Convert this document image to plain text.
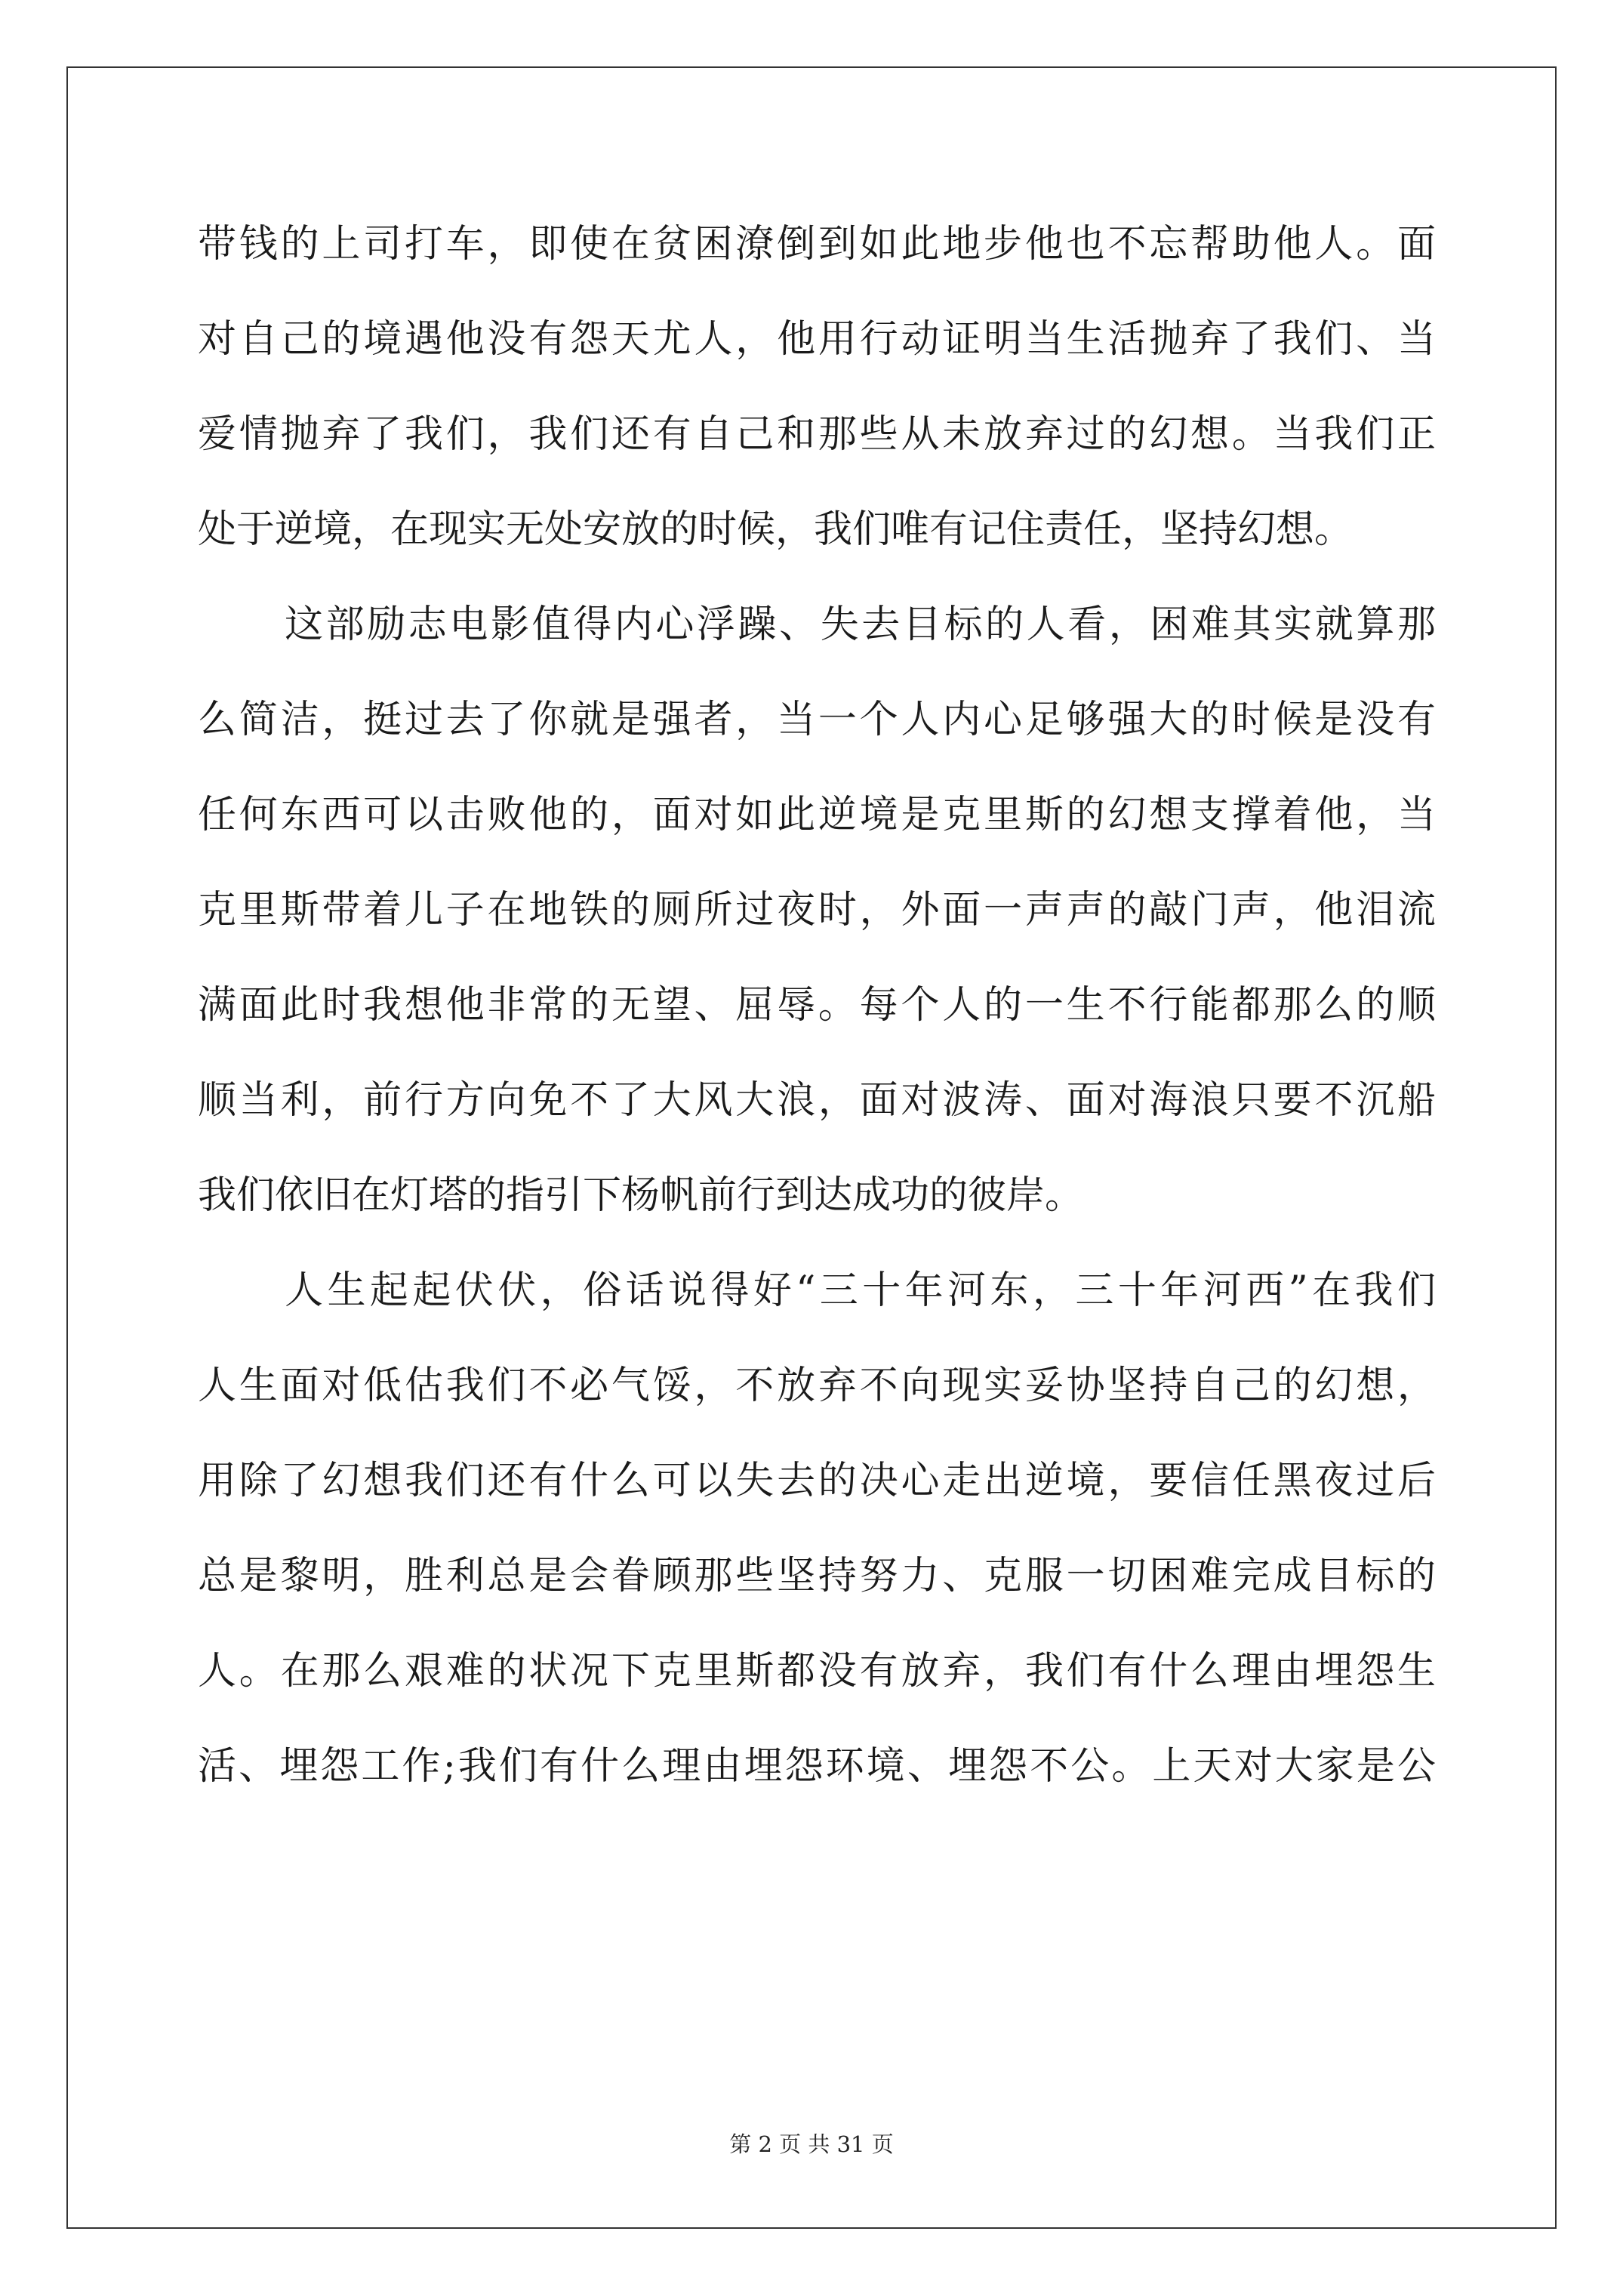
带钱的上司打车，即使在贫困潦倒到如此地步他也不忘帮助他人。面
对自己的境遇他没有怨天尤人，他用行动证明当生活抛弃了我们、当
爱情抛弃了我们，我们还有自己和那些从未放弃过的幻想。当我们正
处于逆境，在现实无处安放的时候，我们唯有记住责任，坚持幻想。
这部励志电影值得内心浮躁、失去目标的人看，困难其实就算那
么简洁，挺过去了你就是强者，当一个人内心足够强大的时候是没有
任何东西可以击败他的，面对如此逆境是克里斯的幻想支撑着他，当
克里斯带着儿子在地铁的厕所过夜时，外面一声声的敲门声，他泪流
满面此时我想他非常的无望、屈辱。每个人的一生不行能都那么的顺
顺当利，前行方向免不了大风大浪，面对波涛、面对海浪只要不沉船
我们依旧在灯塔的指引下杨帆前行到达成功的彼岸。
人生起起伏伏，俗话说得好“三十年河东，三十年河西”在我们
人生面对低估我们不必气馁，不放弃不向现实妥协坚持自己的幻想，
用除了幻想我们还有什么可以失去的决心走出逆境，要信任黑夜过后
总是黎明，胜利总是会眷顾那些坚持努力、克服一切困难完成目标的
人。在那么艰难的状况下克里斯都没有放弃，我们有什么理由埋怨生
活、埋怨工作;我们有什么理由埋怨环境、埋怨不公。上天对大家是公
第 2 页 共 31 页
